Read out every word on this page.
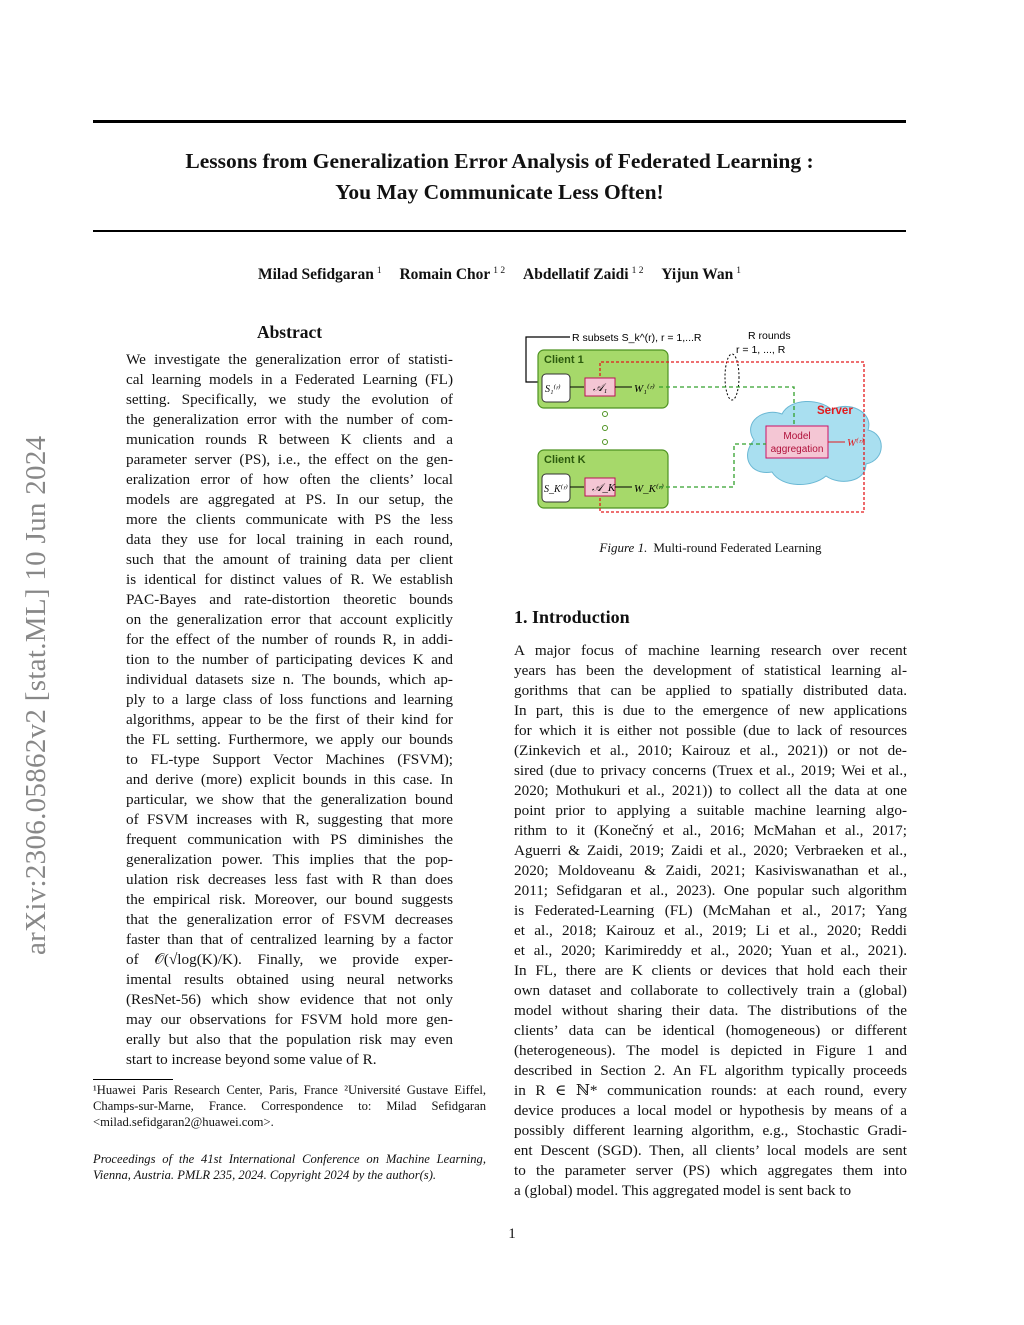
Lessons from Generalization Error Analysis of Federated Learning :
You May Communicate Less Often!
Milad Sefidgaran $^1$ Romain Chor $^{1 2}$ Abdellatif Zaidi $^{1 2}$ Yijun Wan $^1$
arXiv:2306.05862v2 [stat.ML] 10 Jun 2024
Abstract
We investigate the generalization error of statisti-
cal learning models in a Federated Learning (FL)
setting. Specifically, we study the evolution of
the generalization error with the number of com-
munication rounds R between K clients and a
parameter server (PS), i.e., the effect on the gen-
eralization error of how often the clients’ local
models are aggregated at PS. In our setup, the
more the clients communicate with PS the less
data they use for local training in each round,
such that the amount of training data per client
is identical for distinct values of R. We establish
PAC-Bayes and rate-distortion theoretic bounds
on the generalization error that account explicitly
for the effect of the number of rounds R, in addi-
tion to the number of participating devices K and
individual datasets size n. The bounds, which ap-
ply to a large class of loss functions and learning
algorithms, appear to be the first of their kind for
the FL setting. Furthermore, we apply our bounds
to FL-type Support Vector Machines (FSVM);
and derive (more) explicit bounds in this case. In
particular, we show that the generalization bound
of FSVM increases with R, suggesting that more
frequent communication with PS diminishes the
generalization power. This implies that the pop-
ulation risk decreases less fast with R than does
the empirical risk. Moreover, our bound suggests
that the generalization error of FSVM decreases
faster than that of centralized learning by a factor
of 𝒪(√log(K)/K). Finally, we provide exper-
imental results obtained using neural networks
(ResNet-56) which show evidence that not only
may our observations for FSVM hold more gen-
erally but also that the population risk may even
start to increase beyond some value of R.
¹Huawei Paris Research Center, Paris, France ²Université Gustave Eiffel, Champs-sur-Marne, France. Correspondence to: Milad Sefidgaran <milad.sefidgaran2@huawei.com>.
Proceedings of the 41st International Conference on Machine Learning, Vienna, Austria. PMLR 235, 2024. Copyright 2024 by the author(s).
R subsets S_k^(r), r = 1,...R	R rounds
r = 1, ..., R
Client 1
S₁⁽ʳ⁾	𝒜₁ W₁⁽ʳ⁾
Client K
S_K⁽ʳ⁾ 𝒜_K W_K⁽ʳ⁾
Server
Model
aggregation
W⁽ʳ⁾
Figure 1. Multi-round Federated Learning
1. Introduction
A major focus of machine learning research over recent
years has been the development of statistical learning al-
gorithms that can be applied to spatially distributed data.
In part, this is due to the emergence of new applications
for which it is either not possible (due to lack of resources
(Zinkevich et al., 2010; Kairouz et al., 2021)) or not de-
sired (due to privacy concerns (Truex et al., 2019; Wei et al.,
2020; Mothukuri et al., 2021)) to collect all the data at one
point prior to applying a suitable machine learning algo-
rithm to it (Konečný et al., 2016; McMahan et al., 2017;
Aguerri & Zaidi, 2019; Zaidi et al., 2020; Verbraeken et al.,
2020; Moldoveanu & Zaidi, 2021; Kasiviswanathan et al.,
2011; Sefidgaran et al., 2023). One popular such algorithm
is Federated-Learning (FL) (McMahan et al., 2017; Yang
et al., 2018; Kairouz et al., 2019; Li et al., 2020; Reddi
et al., 2020; Karimireddy et al., 2020; Yuan et al., 2021).
In FL, there are K clients or devices that hold each their
own dataset and collaborate to collectively train a (global)
model without sharing their data. The distributions of the
clients’ data can be identical (homogeneous) or different
(heterogeneous). The model is depicted in Figure 1 and
described in Section 2. An FL algorithm typically proceeds
in R ∈ ℕ* communication rounds: at each round, every
device produces a local model or hypothesis by means of a
possibly different learning algorithm, e.g., Stochastic Gradi-
ent Descent (SGD). Then, all clients’ local models are sent
to the parameter server (PS) which aggregates them into
a (global) model. This aggregated model is sent back to
1
